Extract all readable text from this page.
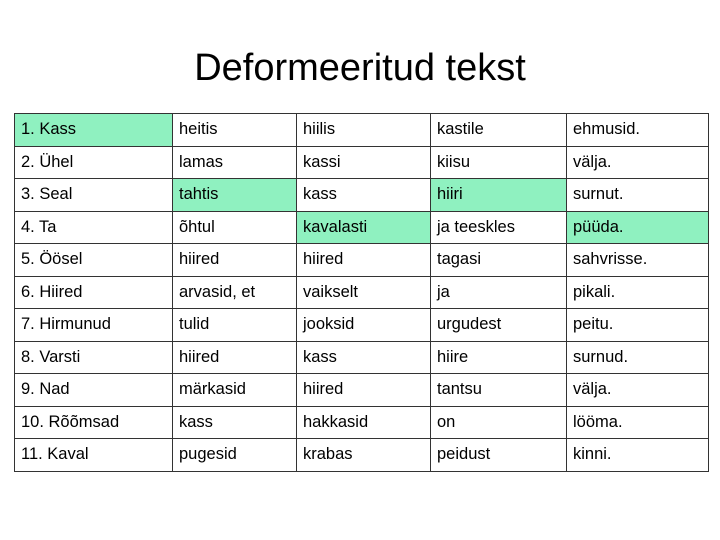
Deformeeritud tekst
1. Kass	heitis	hiilis	kastile	ehmusid.
2. Ühel	lamas	kassi	kiisu	välja.
3. Seal	tahtis	kass	hiiri	surnut.
4. Ta	õhtul	kavalasti	ja teeskles	püüda.
5. Öösel	hiired	hiired	tagasi	sahvrisse.
6. Hiired	arvasid, et	vaikselt	ja	pikali.
7. Hirmunud	tulid	jooksid	urgudest	peitu.
8. Varsti	hiired	kass	hiire	surnud.
9. Nad	märkasid	hiired	tantsu	välja.
10. Rõõmsad	kass	hakkasid	on	lööma.
11. Kaval	pugesid	krabas	peidust	kinni.
